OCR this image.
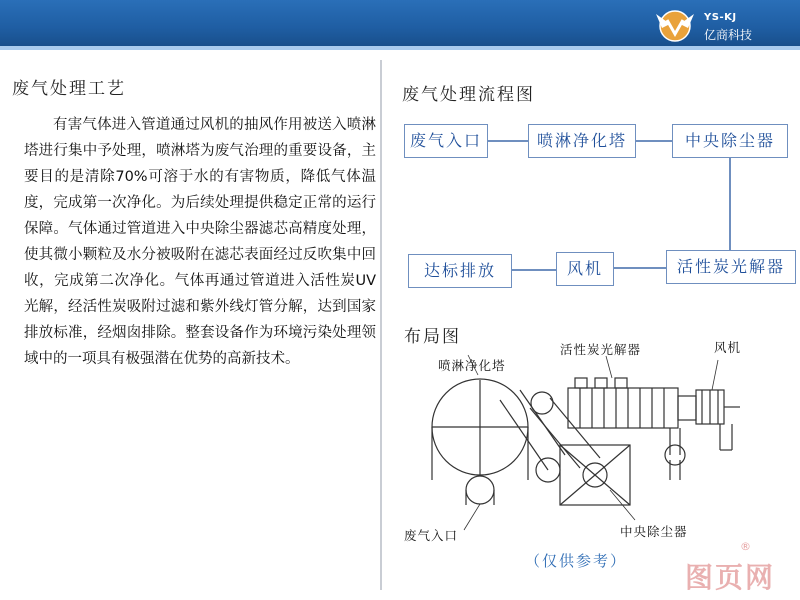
YS-KJ
亿商科技
废气处理工艺
有害气体进入管道通过风机的抽风作用被送入喷淋塔进行集中予处理，喷淋塔为废气治理的重要设备，主要目的是清除70%可溶于水的有害物质，降低气体温度，完成第一次净化。为后续处理提供稳定正常的运行保障。气体通过管道进入中央除尘器滤芯高精度处理，使其微小颗粒及水分被吸附在滤芯表面经过反吹集中回收，完成第二次净化。气体再通过管道进入活性炭UV光解，经活性炭吸附过滤和紫外线灯管分解，达到国家排放标准，经烟囱排除。整套设备作为环境污染处理领域中的一项具有极强潜在优势的高新技术。
废气处理流程图
废气入口	喷淋净化塔	中央除尘器
活性炭光解器
风机
达标排放
布局图
喷淋净化塔
活性炭光解器	风机
废气入口	中央除尘器
（仅供参考） 图页网
®
